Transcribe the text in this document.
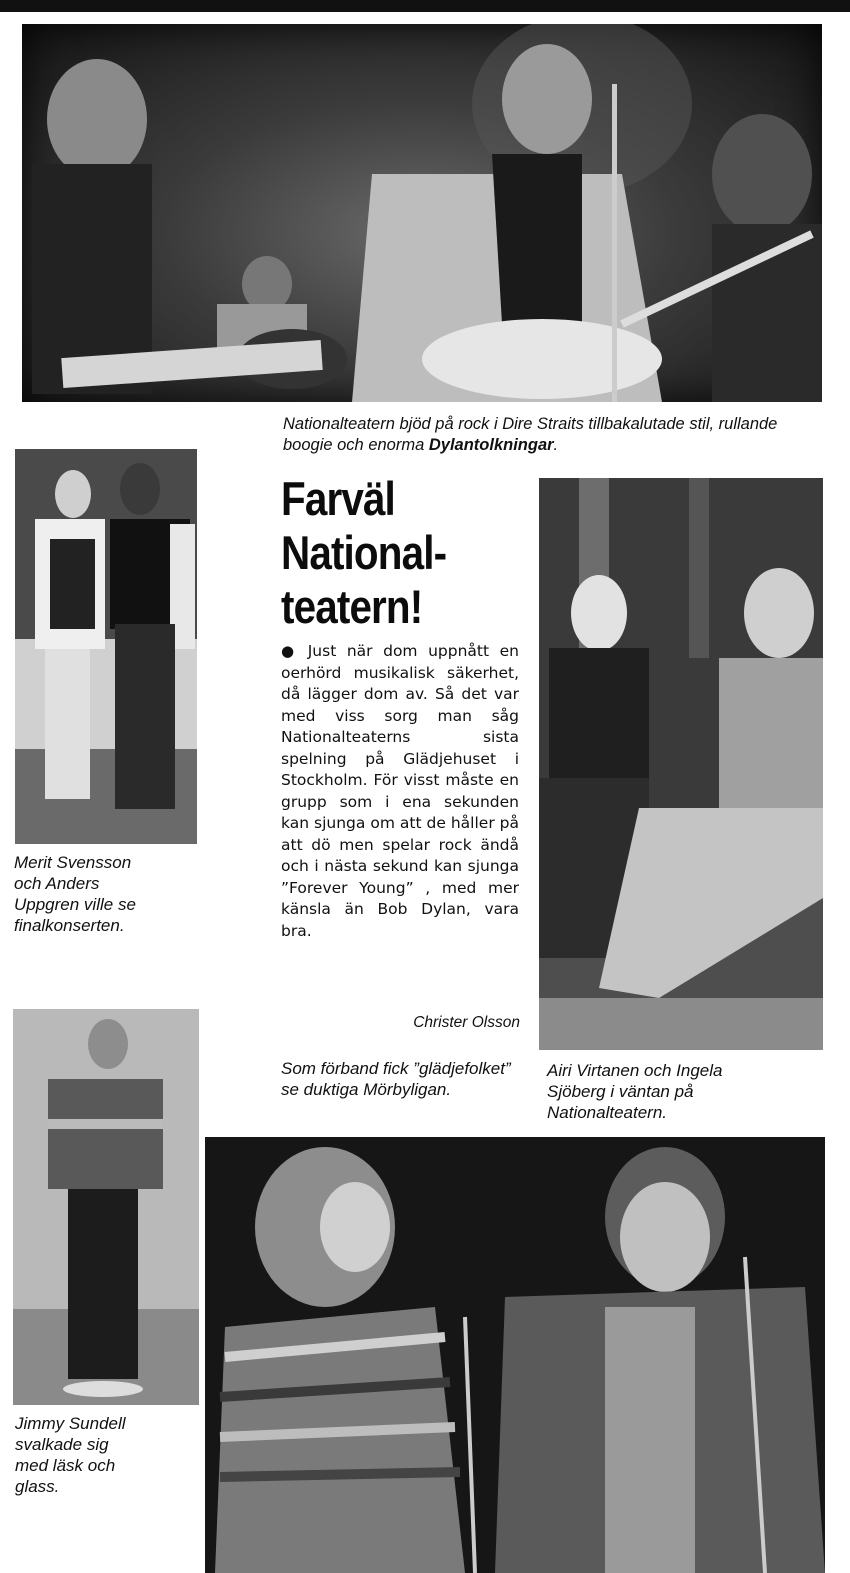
Nationalteatern bjöd på rock i Dire Straits tillbakalutade stil, rullande boogie och enorma Dylantolkningar.
Merit Svensson och Anders Uppgren ville se finalkonserten.
Jimmy Sundell svalkade sig med läsk och glass.
Farväl
National-
teatern!
● Just när dom uppnått en oerhörd musikalisk säkerhet, då lägger dom av. Så det var med viss sorg man såg Nationalteaterns sista spelning på Glädjehuset i Stockholm. För visst måste en grupp som i ena sekunden kan sjunga om att de håller på att dö men spelar rock ändå och i nästa sekund kan sjunga ”Forever Young” , med mer känsla än Bob Dylan, vara bra.
Christer Olsson
Som förband fick ”glädjefolket” se duktiga Mörbyligan.
Airi Virtanen och Ingela Sjöberg i väntan på Nationalteatern.
